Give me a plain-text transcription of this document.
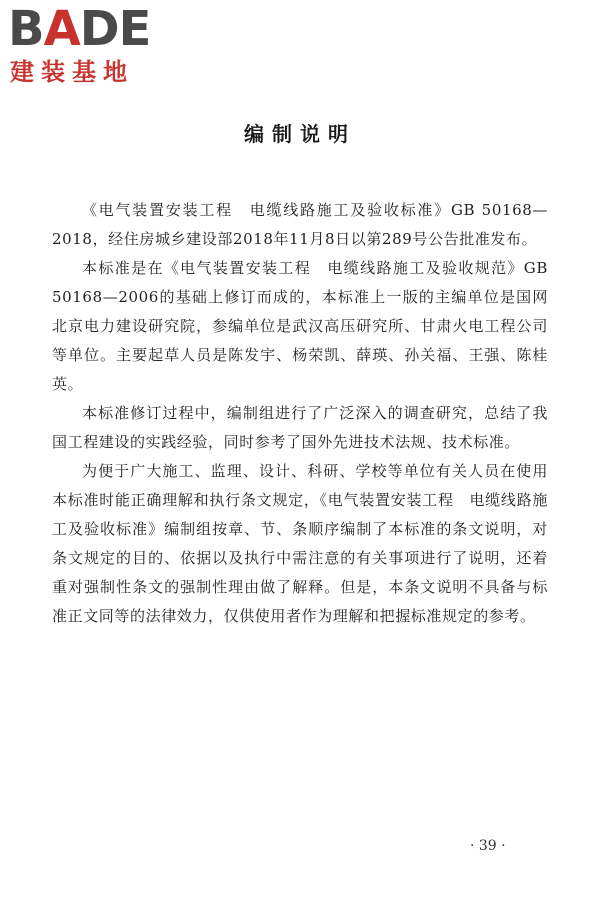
BADE
建装基地
编制说明

《电气装置安装工程　电缆线路施工及验收标准》GB 50168—2018，经住房城乡建设部2018年11月8日以第289号公告批准发布。

本标准是在《电气装置安装工程　电缆线路施工及验收规范》GB 50168—2006的基础上修订而成的，本标准上一版的主编单位是国网北京电力建设研究院，参编单位是武汉高压研究所、甘肃火电工程公司等单位。主要起草人员是陈发宇、杨荣凯、薛瑛、孙关福、王强、陈桂英。

本标准修订过程中，编制组进行了广泛深入的调查研究，总结了我国工程建设的实践经验，同时参考了国外先进技术法规、技术标准。

为便于广大施工、监理、设计、科研、学校等单位有关人员在使用本标准时能正确理解和执行条文规定，《电气装置安装工程　电缆线路施工及验收标准》编制组按章、节、条顺序编制了本标准的条文说明，对条文规定的目的、依据以及执行中需注意的有关事项进行了说明，还着重对强制性条文的强制性理由做了解释。但是，本条文说明不具备与标准正文同等的法律效力，仅供使用者作为理解和把握标准规定的参考。

· 39 ·
